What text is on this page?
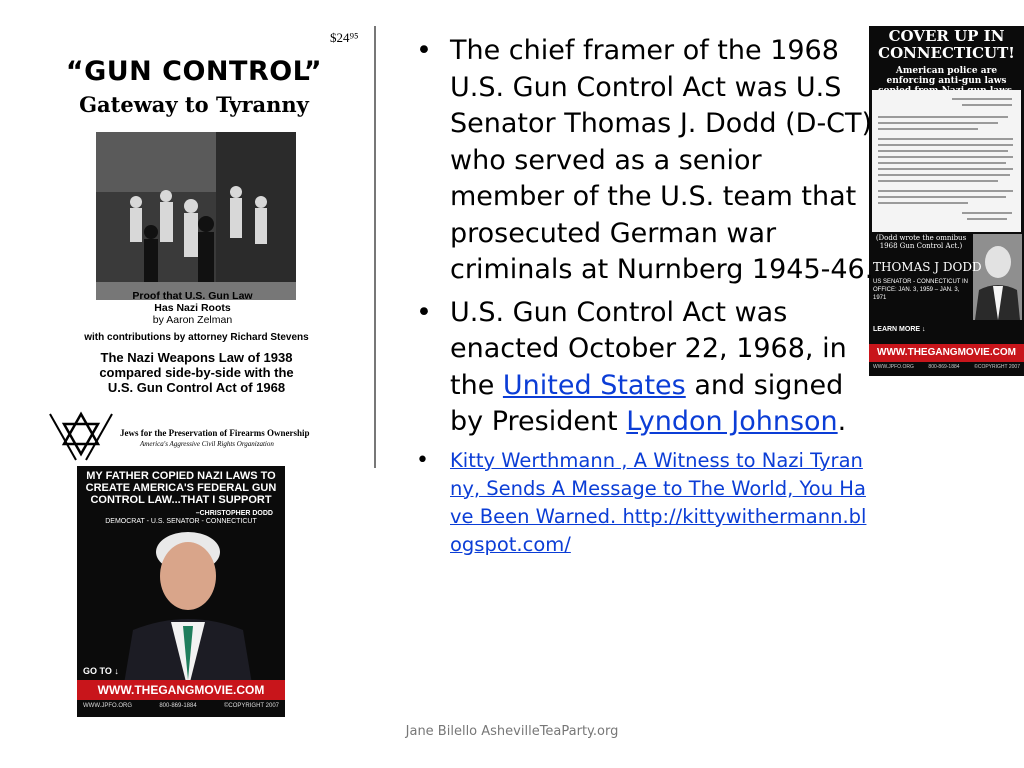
$24⁹⁵
“GUN CONTROL”
Gateway to Tyranny
Proof that U.S. Gun Law
Has Nazi Roots
by Aaron Zelman
with contributions by attorney Richard Stevens
The Nazi Weapons Law of 1938
compared side-by-side with the
U.S. Gun Control Act of 1968
Jews for the Preservation of Firearms Ownership
America's Aggressive Civil Rights Organization
MY FATHER COPIED NAZI LAWS TO
CREATE AMERICA'S FEDERAL GUN
CONTROL LAW...THAT I SUPPORT
–CHRISTOPHER DODD
DEMOCRAT - U.S. SENATOR - CONNECTICUT
GO TO ↓
WWW.THEGANGMOVIE.COM
WWW.JPFO.ORG	800-869-1884	©COPYRIGHT 2007
COVER UP IN
CONNECTICUT!
American police are enforcing anti-gun laws
(Dodd wrote the omnibus 1968 Gun Control Act.)
THOMAS J DODD
US SENATOR - CONNECTICUT IN OFFICE: JAN. 3, 1959 – JAN. 3, 1971
LEARN MORE ↓
WWW.THEGANGMOVIE.COM
WWW.JPFO.ORG	800-869-1884	©COPYRIGHT 2007
• The chief framer of the 1968 U.S. Gun Control Act was U.S Senator Thomas J. Dodd (D-CT) who served as a senior member of the U.S. team that prosecuted German war criminals at Nurnberg 1945-46.
• U.S. Gun Control Act was enacted October 22, 1968, in the United States and signed by President Lyndon Johnson.
• Kitty Werthmann , A Witness to Nazi Tyranny, Sends A Message to The World, You Have Been Warned. http://kittywithermann.blogspot.com/
Jane Bilello AshevilleTeaParty.org
